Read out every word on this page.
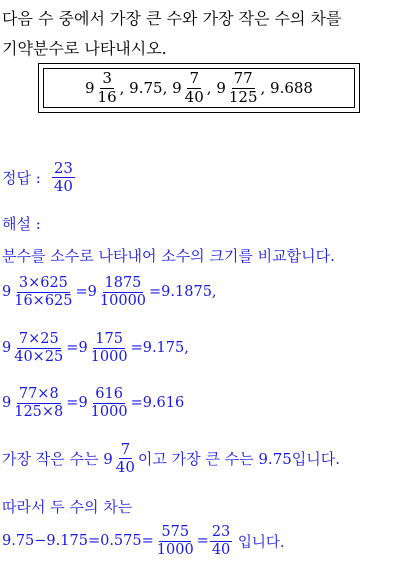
다음 수 중에서 가장 큰 수와 가장 작은 수의 차를
기약분수로 나타내시오.
$9 \frac{3}{16}$ , 9.75, $9 \frac{7}{40}$ , $9 \frac{77}{125}$ , 9.688
정답 : $\frac{23}{40}$
해설 :
분수를 소수로 나타내어 소수의 크기를 비교합니다.
$9 \frac{3\times 625}{16\times 625} =9 \frac{1875}{10000} =9.1875$,
$9 \frac{7\times 25}{40\times 25} =9 \frac{175}{1000} =9.175$,
$9 \frac{77\times 8}{125\times 8} =9 \frac{616}{1000} =9.616$
가장 작은 수는 $9 \frac{7}{40}$ 이고 가장 큰 수는 9.75입니다.
따라서 두 수의 차는
$9.75-9.175=0.575= \frac{575}{1000} = \frac{23}{40}$ 입니다.
